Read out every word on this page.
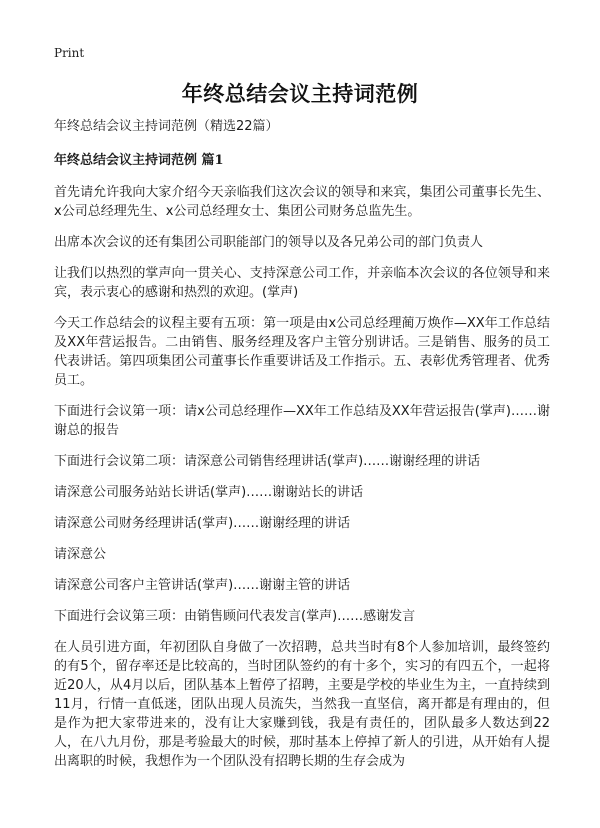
Print
年终总结会议主持词范例

年终总结会议主持词范例（精选22篇）

年终总结会议主持词范例 篇1

首先请允许我向大家介绍今天亲临我们这次会议的领导和来宾，集团公司董事长先生、x公司总经理先生、x公司总经理女士、集团公司财务总监先生。

出席本次会议的还有集团公司职能部门的领导以及各兄弟公司的部门负责人

让我们以热烈的掌声向一贯关心、支持深意公司工作，并亲临本次会议的各位领导和来宾，表示衷心的感谢和热烈的欢迎。(掌声)

今天工作总结会的议程主要有五项：第一项是由x公司总经理蔺万焕作—XX年工作总结及XX年营运报告。二由销售、服务经理及客户主管分别讲话。三是销售、服务的员工代表讲话。第四项集团公司董事长作重要讲话及工作指示。五、表彰优秀管理者、优秀员工。

下面进行会议第一项：请x公司总经理作—XX年工作总结及XX年营运报告(掌声)……谢谢总的报告

下面进行会议第二项：请深意公司销售经理讲话(掌声)……谢谢经理的讲话

请深意公司服务站站长讲话(掌声)……谢谢站长的讲话

请深意公司财务经理讲话(掌声)……谢谢经理的讲话

请深意公

请深意公司客户主管讲话(掌声)……谢谢主管的讲话

下面进行会议第三项：由销售顾问代表发言(掌声)……感谢发言

在人员引进方面，年初团队自身做了一次招聘，总共当时有8个人参加培训，最终签约的有5个，留存率还是比较高的，当时团队签约的有十多个，实习的有四五个，一起将近20人，从4月以后，团队基本上暂停了招聘，主要是学校的毕业生为主，一直持续到11月，行情一直低迷，团队出现人员流失，当然我一直坚信，离开都是有理由的，但是作为把大家带进来的，没有让大家赚到钱，我是有责任的，团队最多人数达到22人，在八九月份，那是考验最大的时候，那时基本上停掉了新人的引进，从开始有人提出离职的时候，我想作为一个团队没有招聘长期的生存会成为
